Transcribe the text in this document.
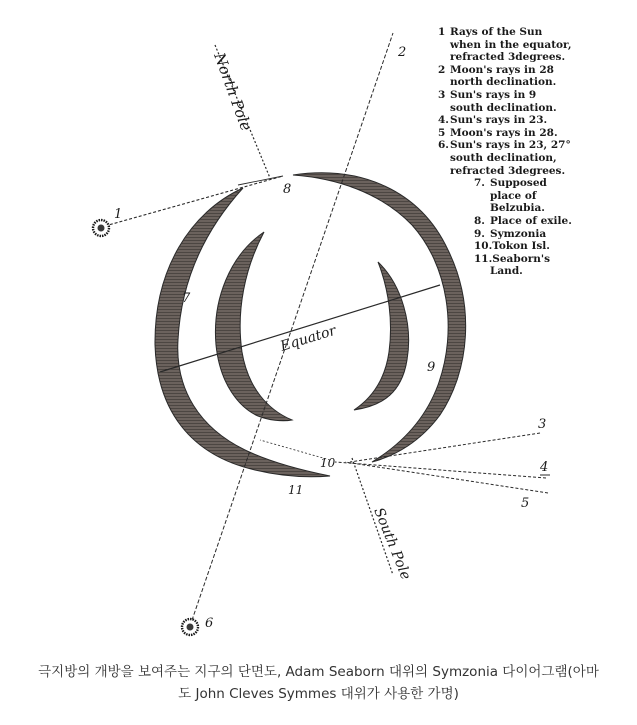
North Pole
South Pole
Equator
1
2
3
4
5
6
7
8
9
10
11
1 Rays of the Sun
when in the equator,
refracted 3degrees.
2 Moon's rays in 28
north declination.
3 Sun's rays in 9
south declination.
4. Sun's rays in 23.
5 Moon's rays in 28.
6. Sun's rays in 23, 27°
south declination,
refracted 3degrees.
7. Supposed
place of
Belzubia.
8. Place of exile.
9. Symzonia
10. Tokon Isl.
11. Seaborn's
Land.
극지방의 개방을 보여주는 지구의 단면도, Adam Seaborn 대위의 Symzonia 다이어그램(아마
도 John Cleves Symmes 대위가 사용한 가명)
